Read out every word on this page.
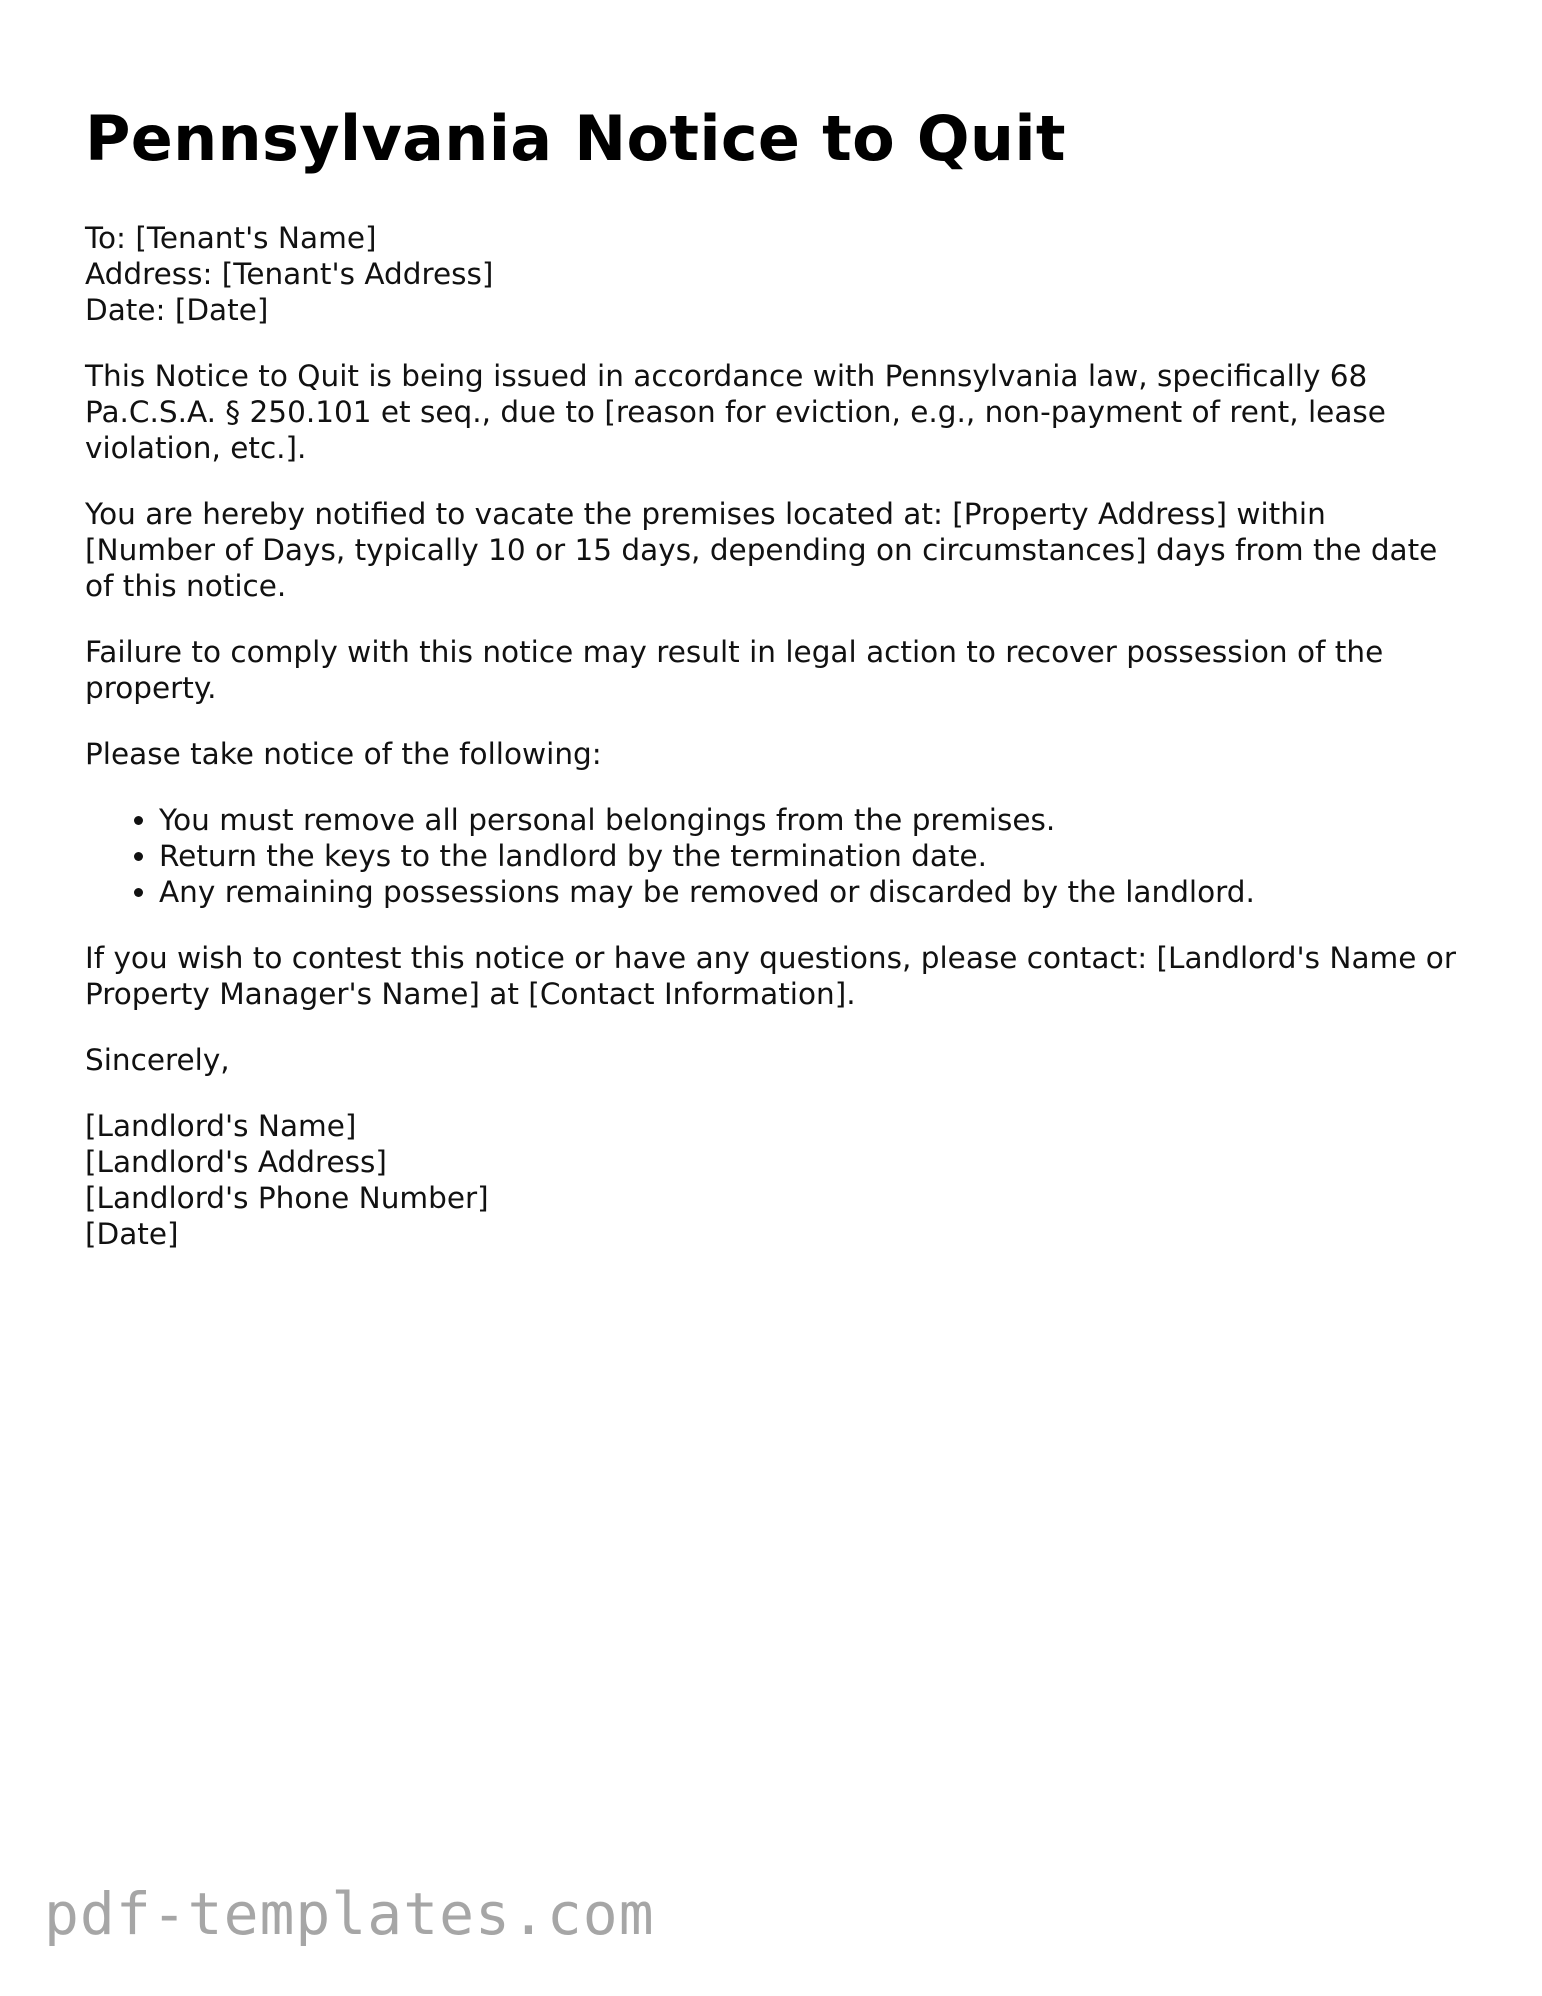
Pennsylvania Notice to Quit
To: [Tenant's Name]
Address: [Tenant's Address]
Date: [Date]

This Notice to Quit is being issued in accordance with Pennsylvania law, specifically 68 Pa.C.S.A. § 250.101 et seq., due to [reason for eviction, e.g., non-payment of rent, lease violation, etc.].

You are hereby notified to vacate the premises located at: [Property Address] within [Number of Days, typically 10 or 15 days, depending on circumstances] days from the date of this notice.

Failure to comply with this notice may result in legal action to recover possession of the property.

Please take notice of the following:

• You must remove all personal belongings from the premises.
• Return the keys to the landlord by the termination date.
• Any remaining possessions may be removed or discarded by the landlord.

If you wish to contest this notice or have any questions, please contact: [Landlord's Name or Property Manager's Name] at [Contact Information].

Sincerely,

[Landlord's Name]
[Landlord's Address]
[Landlord's Phone Number]
[Date]
pdf-templates.com
